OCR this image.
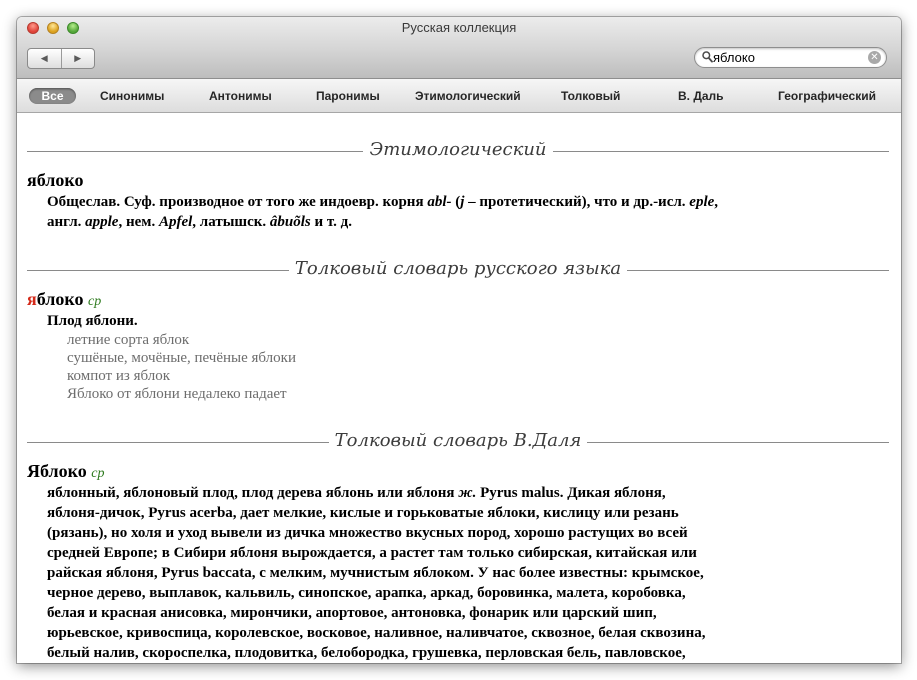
Русская коллекция
◀	▶
яблоко	✕
Все	Синонимы	Антонимы	Паронимы	Этимологический	Толковый	В. Даль	Географический
Этимологический
яблоко
Общеслав. Суф. производное от того же индоевр. корня abl- (j – протетический), что и др.-исл. eple,
англ. apple, нем. Apfel, латышск. âbuõls и т. д.
Толковый словарь русского языка
яблоко ср
Плод яблони.
летние сорта яблок
сушёные, мочёные, печёные яблоки
компот из яблок
Яблоко от яблони недалеко падает
Толковый словарь В.Даля
Яблоко ср
яблонный, яблоновый плод, плод дерева яблонь или яблоня ж. Pyrus malus. Дикая яблоня,
яблоня-дичок, Pyrus acerba, дает мелкие, кислые и горьковатые яблоки, кислицу или резань
(рязань), но холя и уход вывели из дичка множество вкусных пород, хорошо растущих во всей
средней Европе; в Сибири яблоня вырождается, а растет там только сибирская, китайская или
райская яблоня, Pyrus baccata, с мелким, мучнистым яблоком. У нас более известны: крымское,
черное дерево, выплавок, кальвиль, синопское, арапка, аркад, боровинка, малета, коробовка,
белая и красная анисовка, мирончики, апортовое, антоновка, фонарик или царский шип,
юрьевское, кривоспица, королевское, восковое, наливное, наливчатое, сквозное, белая сквозина,
белый налив, скороспелка, плодовитка, белобородка, грушевка, перловская бель, павловское,
